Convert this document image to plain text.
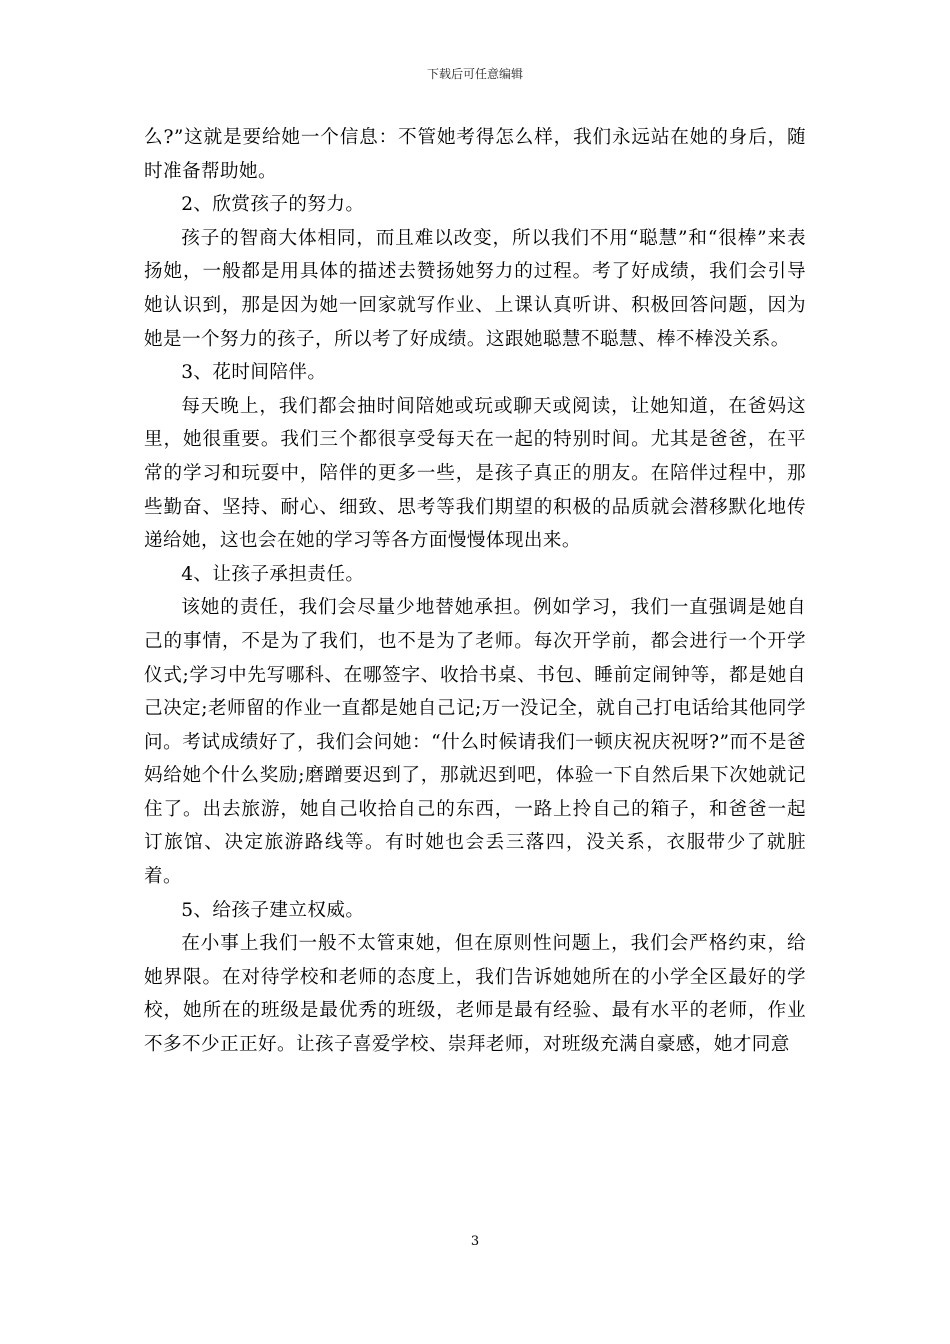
下载后可任意编辑

么?”这就是要给她一个信息：不管她考得怎么样，我们永远站在她的身后，随时准备帮助她。

2、欣赏孩子的努力。

孩子的智商大体相同，而且难以改变，所以我们不用“聪慧”和“很棒”来表扬她，一般都是用具体的描述去赞扬她努力的过程。考了好成绩，我们会引导她认识到，那是因为她一回家就写作业、上课认真听讲、积极回答问题，因为她是一个努力的孩子，所以考了好成绩。这跟她聪慧不聪慧、棒不棒没关系。

3、花时间陪伴。

每天晚上，我们都会抽时间陪她或玩或聊天或阅读，让她知道，在爸妈这里，她很重要。我们三个都很享受每天在一起的特别时间。尤其是爸爸，在平常的学习和玩耍中，陪伴的更多一些，是孩子真正的朋友。在陪伴过程中，那些勤奋、坚持、耐心、细致、思考等我们期望的积极的品质就会潜移默化地传递给她，这也会在她的学习等各方面慢慢体现出来。

4、让孩子承担责任。

该她的责任，我们会尽量少地替她承担。例如学习，我们一直强调是她自己的事情，不是为了我们，也不是为了老师。每次开学前，都会进行一个开学仪式;学习中先写哪科、在哪签字、收拾书桌、书包、睡前定闹钟等，都是她自己决定;老师留的作业一直都是她自己记;万一没记全，就自己打电话给其他同学问。考试成绩好了，我们会问她：“什么时候请我们一顿庆祝庆祝呀?”而不是爸妈给她个什么奖励;磨蹭要迟到了，那就迟到吧，体验一下自然后果下次她就记住了。出去旅游，她自己收拾自己的东西，一路上拎自己的箱子，和爸爸一起订旅馆、决定旅游路线等。有时她也会丢三落四，没关系，衣服带少了就脏着。

5、给孩子建立权威。

在小事上我们一般不太管束她，但在原则性问题上，我们会严格约束，给她界限。在对待学校和老师的态度上，我们告诉她她所在的小学全区最好的学校，她所在的班级是最优秀的班级，老师是最有经验、最有水平的老师，作业不多不少正正好。让孩子喜爱学校、崇拜老师，对班级充满自豪感，她才同意

3
